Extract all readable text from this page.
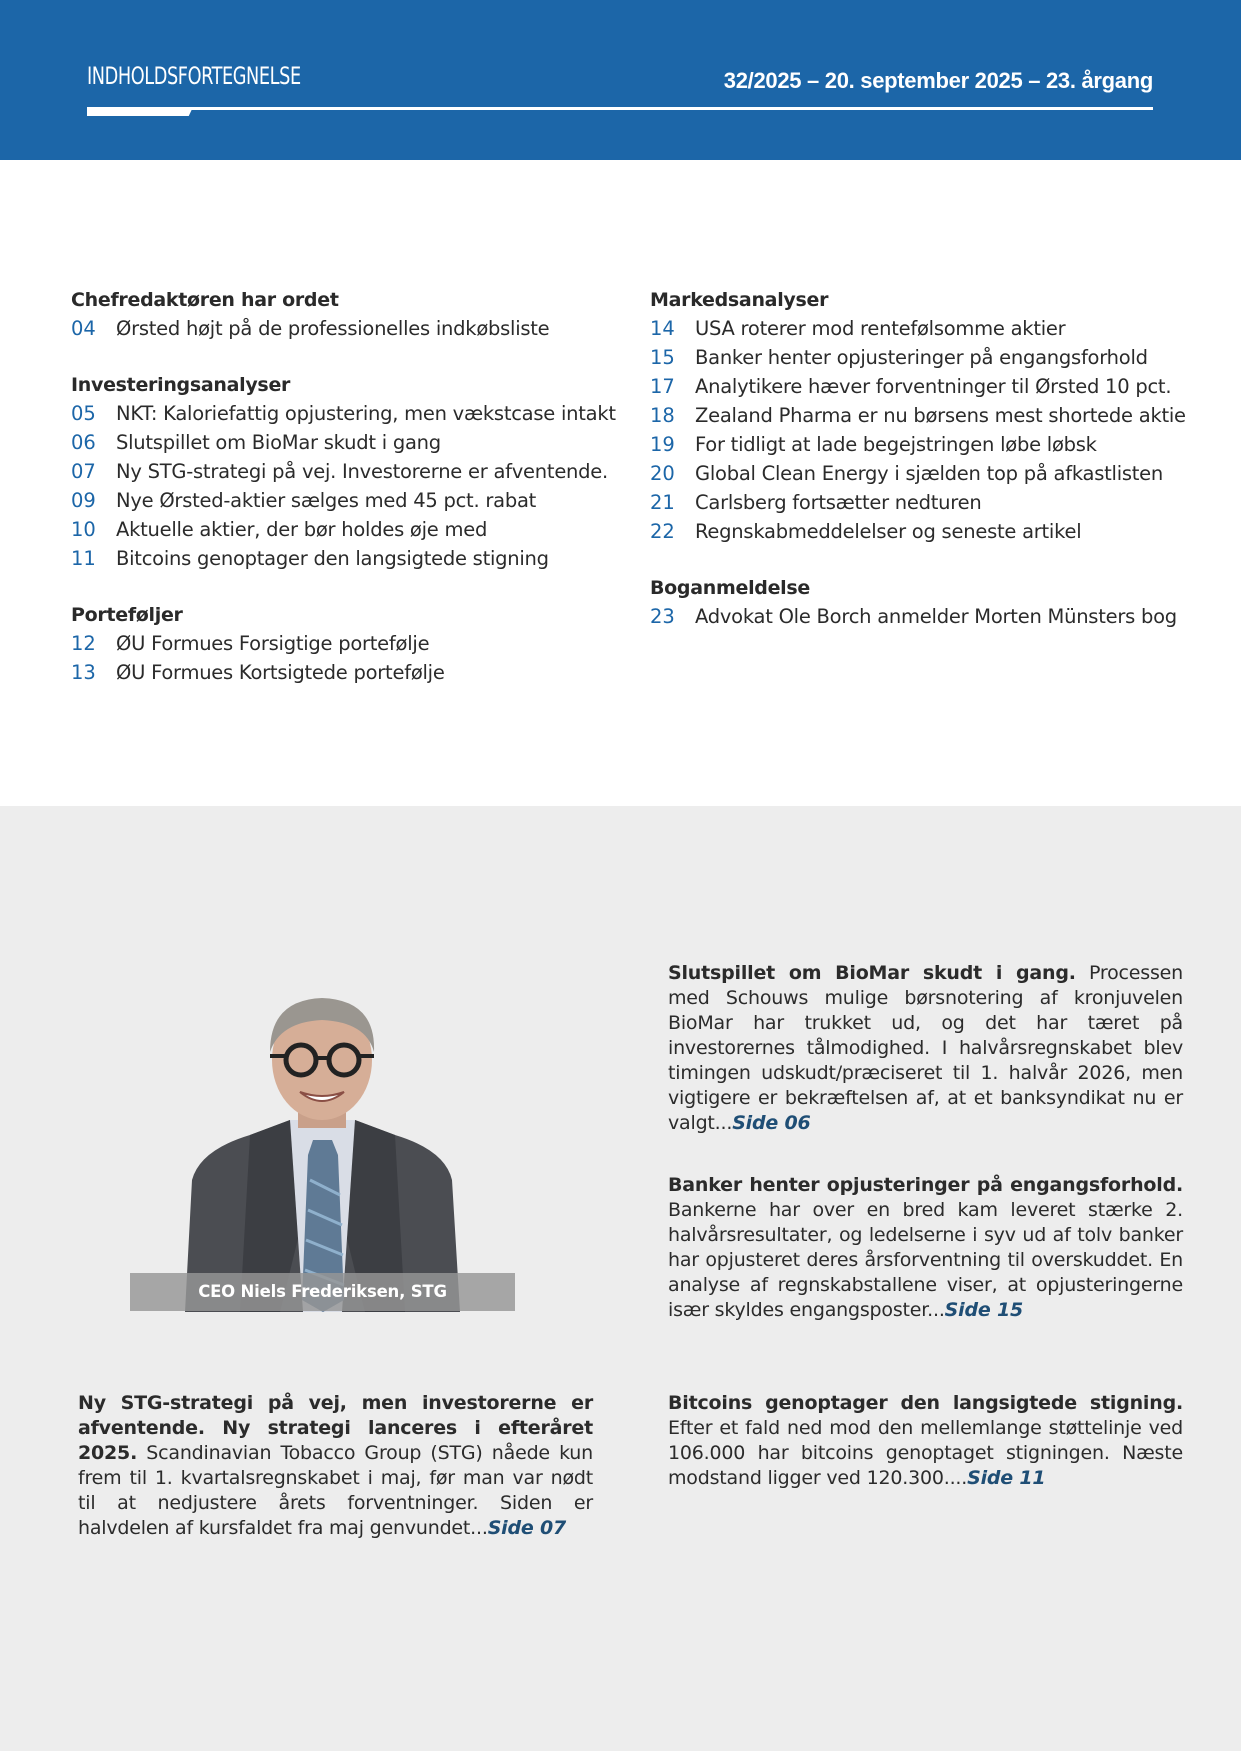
INDHOLDSFORTEGNELSE	32/2025 – 20. september 2025 – 23. årgang
Chefredaktøren har ordet
04	Ørsted højt på de professionelles indkøbsliste
Investeringsanalyser
05	NKT: Kaloriefattig opjustering, men vækstcase intakt
06	Slutspillet om BioMar skudt i gang
07	Ny STG-strategi på vej. Investorerne er afventende.
09	Nye Ørsted-aktier sælges med 45 pct. rabat
10	Aktuelle aktier, der bør holdes øje med
11	Bitcoins genoptager den langsigtede stigning
Porteføljer
12	ØU Formues Forsigtige portefølje
13	ØU Formues Kortsigtede portefølje
Markedsanalyser
14	USA roterer mod rentefølsomme aktier
15	Banker henter opjusteringer på engangsforhold
17	Analytikere hæver forventninger til Ørsted 10 pct.
18	Zealand Pharma er nu børsens mest shortede aktie
19	For tidligt at lade begejstringen løbe løbsk
20	Global Clean Energy i sjælden top på afkastlisten
21	Carlsberg fortsætter nedturen
22	Regnskabmeddelelser og seneste artikel
Boganmeldelse
23	Advokat Ole Borch anmelder Morten Münsters bog
CEO Niels Frederiksen, STG
Slutspillet om BioMar skudt i gang. Processen med Schouws mulige børsnotering af kronjuvelen BioMar har trukket ud, og det har tæret på investorernes tålmodighed. I halvårsregnskabet blev timingen udskudt/præciseret til 1. halvår 2026, men vigtigere er bekræftelsen af, at et banksyndikat nu er valgt...Side 06
Banker henter opjusteringer på engangsforhold. Bankerne har over en bred kam leveret stærke 2. halvårsresultater, og ledelserne i syv ud af tolv banker har opjusteret deres årsforventning til overskuddet. En analyse af regnskabstallene viser, at opjusteringerne især skyldes engangsposter...Side 15
Bitcoins genoptager den langsigtede stigning. Efter et fald ned mod den mellemlange støttelinje ved 106.000 har bitcoins genoptaget stigningen. Næste modstand ligger ved 120.300....Side 11
Ny STG-strategi på vej, men investorerne er afventende. Ny strategi lanceres i efteråret 2025. Scandinavian Tobacco Group (STG) nåede kun frem til 1. kvartalsregnskabet i maj, før man var nødt til at nedjustere årets forventninger. Siden er halvdelen af kursfaldet fra maj genvundet...Side 07
